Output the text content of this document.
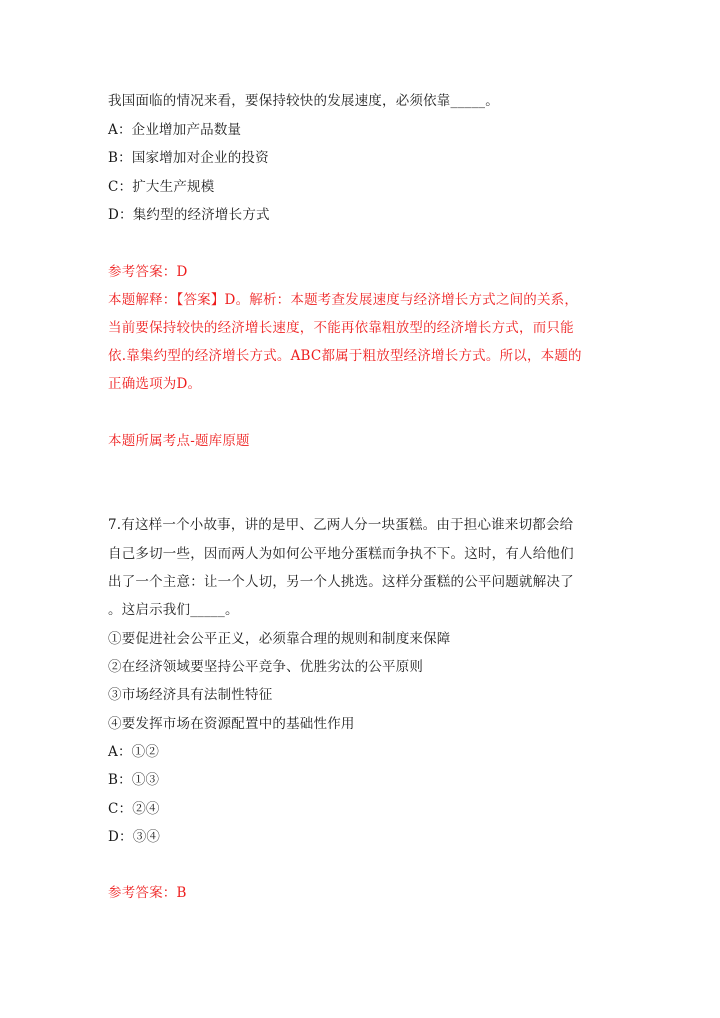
我国面临的情况来看，要保持较快的发展速度，必须依靠_____。
A：企业增加产品数量
B：国家增加对企业的投资
C：扩大生产规模
D：集约型的经济增长方式
参考答案：D
本题解释：【答案】D。解析：本题考查发展速度与经济增长方式之间的关系，
当前要保持较快的经济增长速度，不能再依靠粗放型的经济增长方式，而只能
依.靠集约型的经济增长方式。ABC都属于粗放型经济增长方式。所以，本题的
正确选项为D。
本题所属考点-题库原题
7.有这样一个小故事，讲的是甲、乙两人分一块蛋糕。由于担心谁来切都会给
自己多切一些，因而两人为如何公平地分蛋糕而争执不下。这时，有人给他们
出了一个主意：让一个人切，另一个人挑选。这样分蛋糕的公平问题就解决了
。这启示我们_____。
①要促进社会公平正义，必须靠合理的规则和制度来保障
②在经济领域要坚持公平竞争、优胜劣汰的公平原则
③市场经济具有法制性特征
④要发挥市场在资源配置中的基础性作用
A：①②
B：①③
C：②④
D：③④
参考答案：B
